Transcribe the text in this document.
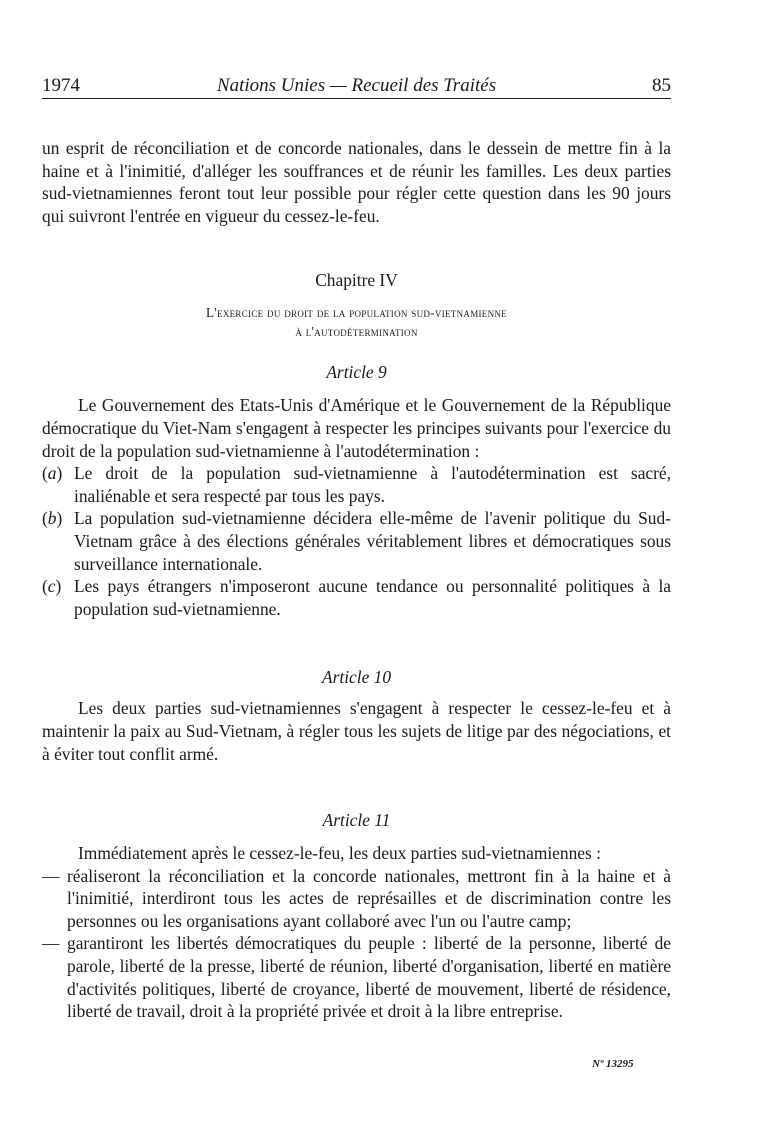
1974	Nations Unies — Recueil des Traités	85

un esprit de réconciliation et de concorde nationales, dans le dessein de mettre fin à la haine et à l'inimitié, d'alléger les souffrances et de réunir les familles. Les deux parties sud-vietnamiennes feront tout leur possible pour régler cette question dans les 90 jours qui suivront l'entrée en vigueur du cessez-le-feu.

Chapitre IV
L'exercice du droit de la population sud-vietnamienne
à l'autodétermination
Article 9

Le Gouvernement des Etats-Unis d'Amérique et le Gouvernement de la République démocratique du Viet-Nam s'engagent à respecter les principes suivants pour l'exercice du droit de la population sud-vietnamienne à l'autodétermination :

(a) Le droit de la population sud-vietnamienne à l'autodétermination est sacré, inaliénable et sera respecté par tous les pays.

(b) La population sud-vietnamienne décidera elle-même de l'avenir politique du Sud-Vietnam grâce à des élections générales véritablement libres et démocratiques sous surveillance internationale.

(c) Les pays étrangers n'imposeront aucune tendance ou personnalité politiques à la population sud-vietnamienne.

Article 10

Les deux parties sud-vietnamiennes s'engagent à respecter le cessez-le-feu et à maintenir la paix au Sud-Vietnam, à régler tous les sujets de litige par des négociations, et à éviter tout conflit armé.

Article 11

Immédiatement après le cessez-le-feu, les deux parties sud-vietnamiennes :

— réaliseront la réconciliation et la concorde nationales, mettront fin à la haine et à l'inimitié, interdiront tous les actes de représailles et de discrimination contre les personnes ou les organisations ayant collaboré avec l'un ou l'autre camp;

— garantiront les libertés démocratiques du peuple : liberté de la personne, liberté de parole, liberté de la presse, liberté de réunion, liberté d'organisation, liberté en matière d'activités politiques, liberté de croyance, liberté de mouvement, liberté de résidence, liberté de travail, droit à la propriété privée et droit à la libre entreprise.

Nº 13295
